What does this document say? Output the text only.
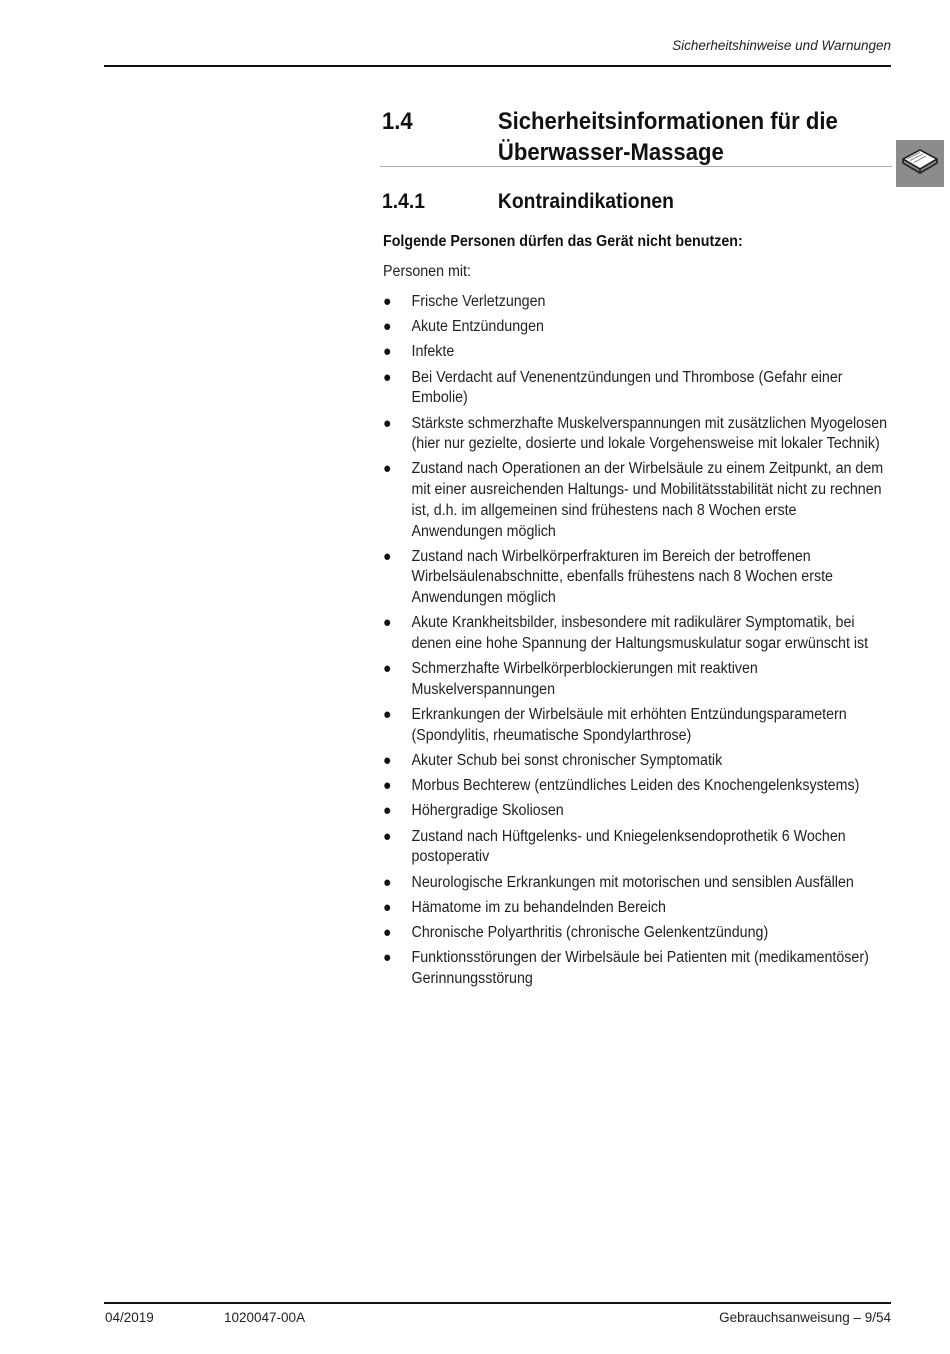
Sicherheitshinweise und Warnungen
1.4	Sicherheitsinformationen für die Überwasser-Massage
1.4.1	Kontraindikationen
Folgende Personen dürfen das Gerät nicht benutzen:
Personen mit:
● Frische Verletzungen
● Akute Entzündungen
● Infekte
● Bei Verdacht auf Venenentzündungen und Thrombose (Gefahr einer Embolie)
● Stärkste schmerzhafte Muskelverspannungen mit zusätzlichen Myogelosen (hier nur gezielte, dosierte und lokale Vorgehensweise mit lokaler Technik)
● Zustand nach Operationen an der Wirbelsäule zu einem Zeitpunkt, an dem mit einer ausreichenden Haltungs- und Mobilitätsstabilität nicht zu rechnen ist, d.h. im allgemeinen sind frühestens nach 8 Wochen erste Anwendungen möglich
● Zustand nach Wirbelkörperfrakturen im Bereich der betroffenen Wirbelsäulenabschnitte, ebenfalls frühestens nach 8 Wochen erste Anwendungen möglich
● Akute Krankheitsbilder, insbesondere mit radikulärer Symptomatik, bei denen eine hohe Spannung der Haltungsmuskulatur sogar erwünscht ist
● Schmerzhafte Wirbelkörperblockierungen mit reaktiven Muskelverspannungen
● Erkrankungen der Wirbelsäule mit erhöhten Entzündungsparametern (Spondylitis, rheumatische Spondylarthrose)
● Akuter Schub bei sonst chronischer Symptomatik
● Morbus Bechterew (entzündliches Leiden des Knochengelenksystems)
● Höhergradige Skoliosen
● Zustand nach Hüftgelenks- und Kniegelenksendoprothetik 6 Wochen postoperativ
● Neurologische Erkrankungen mit motorischen und sensiblen Ausfällen
● Hämatome im zu behandelnden Bereich
● Chronische Polyarthritis (chronische Gelenkentzündung)
● Funktionsstörungen der Wirbelsäule bei Patienten mit (medikamentöser) Gerinnungsstörung
04/2019	1020047-00A	Gebrauchsanweisung – 9/54
